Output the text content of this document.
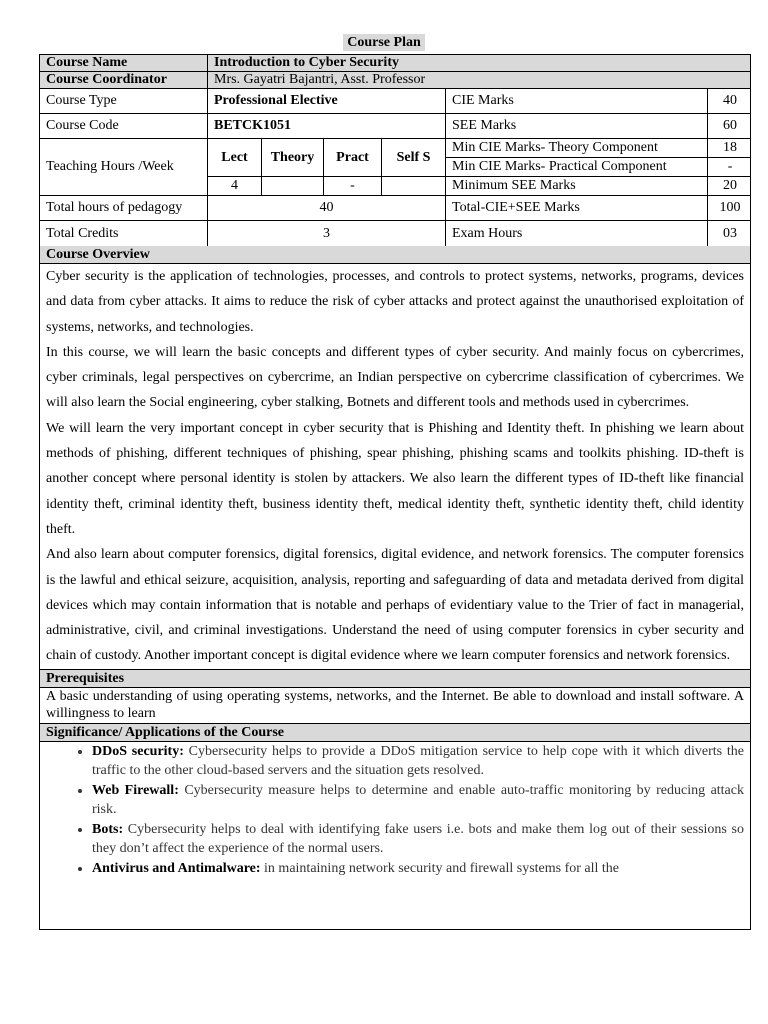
Course Plan
Course Name	Introduction to Cyber Security					
Course Coordinator	Mrs. Gayatri Bajantri, Asst. Professor					
Course Type	Professional Elective				CIE Marks	40
Course Code	BETCK1051				SEE Marks	60
Teaching Hours /Week	Lect	Theory	Pract	Self S	Min CIE Marks- Theory Component	18
					Min CIE Marks- Practical Component	-
	4		-		Minimum SEE Marks	20
Total hours of pedagogy	40				Total-CIE+SEE Marks	100
Total Credits	3				Exam Hours	03
Course Overview

Cyber security is the application of technologies, processes, and controls to protect systems, networks, programs, devices and data from cyber attacks. It aims to reduce the risk of cyber attacks and protect against the unauthorised exploitation of systems, networks, and technologies.

In this course, we will learn the basic concepts and different types of cyber security. And mainly focus on cybercrimes, cyber criminals, legal perspectives on cybercrime, an Indian perspective on cybercrime classification of cybercrimes. We will also learn the Social engineering, cyber stalking, Botnets and different tools and methods used in cybercrimes.

We will learn the very important concept in cyber security that is Phishing and Identity theft. In phishing we learn about methods of phishing, different techniques of phishing, spear phishing, phishing scams and toolkits phishing. ID-theft is another concept where personal identity is stolen by attackers. We also learn the different types of ID-theft like financial identity theft, criminal identity theft, business identity theft, medical identity theft, synthetic identity theft, child identity theft.

And also learn about computer forensics, digital forensics, digital evidence, and network forensics. The computer forensics is the lawful and ethical seizure, acquisition, analysis, reporting and safeguarding of data and metadata derived from digital devices which may contain information that is notable and perhaps of evidentiary value to the Trier of fact in managerial, administrative, civil, and criminal investigations. Understand the need of using computer forensics in cyber security and chain of custody. Another important concept is digital evidence where we learn computer forensics and network forensics.

Prerequisites
A basic understanding of using operating systems, networks, and the Internet. Be able to download and install software. A willingness to learn
Significance/ Applications of the Course
• DDoS security: Cybersecurity helps to provide a DDoS mitigation service to help cope with it which diverts the traffic to the other cloud-based servers and the situation gets resolved.
• Web Firewall: Cybersecurity measure helps to determine and enable auto-traffic monitoring by reducing attack risk.
• Bots: Cybersecurity helps to deal with identifying fake users i.e. bots and make them log out of their sessions so they don’t affect the experience of the normal users.
• Antivirus and Antimalware: in maintaining network security and firewall systems for all the
